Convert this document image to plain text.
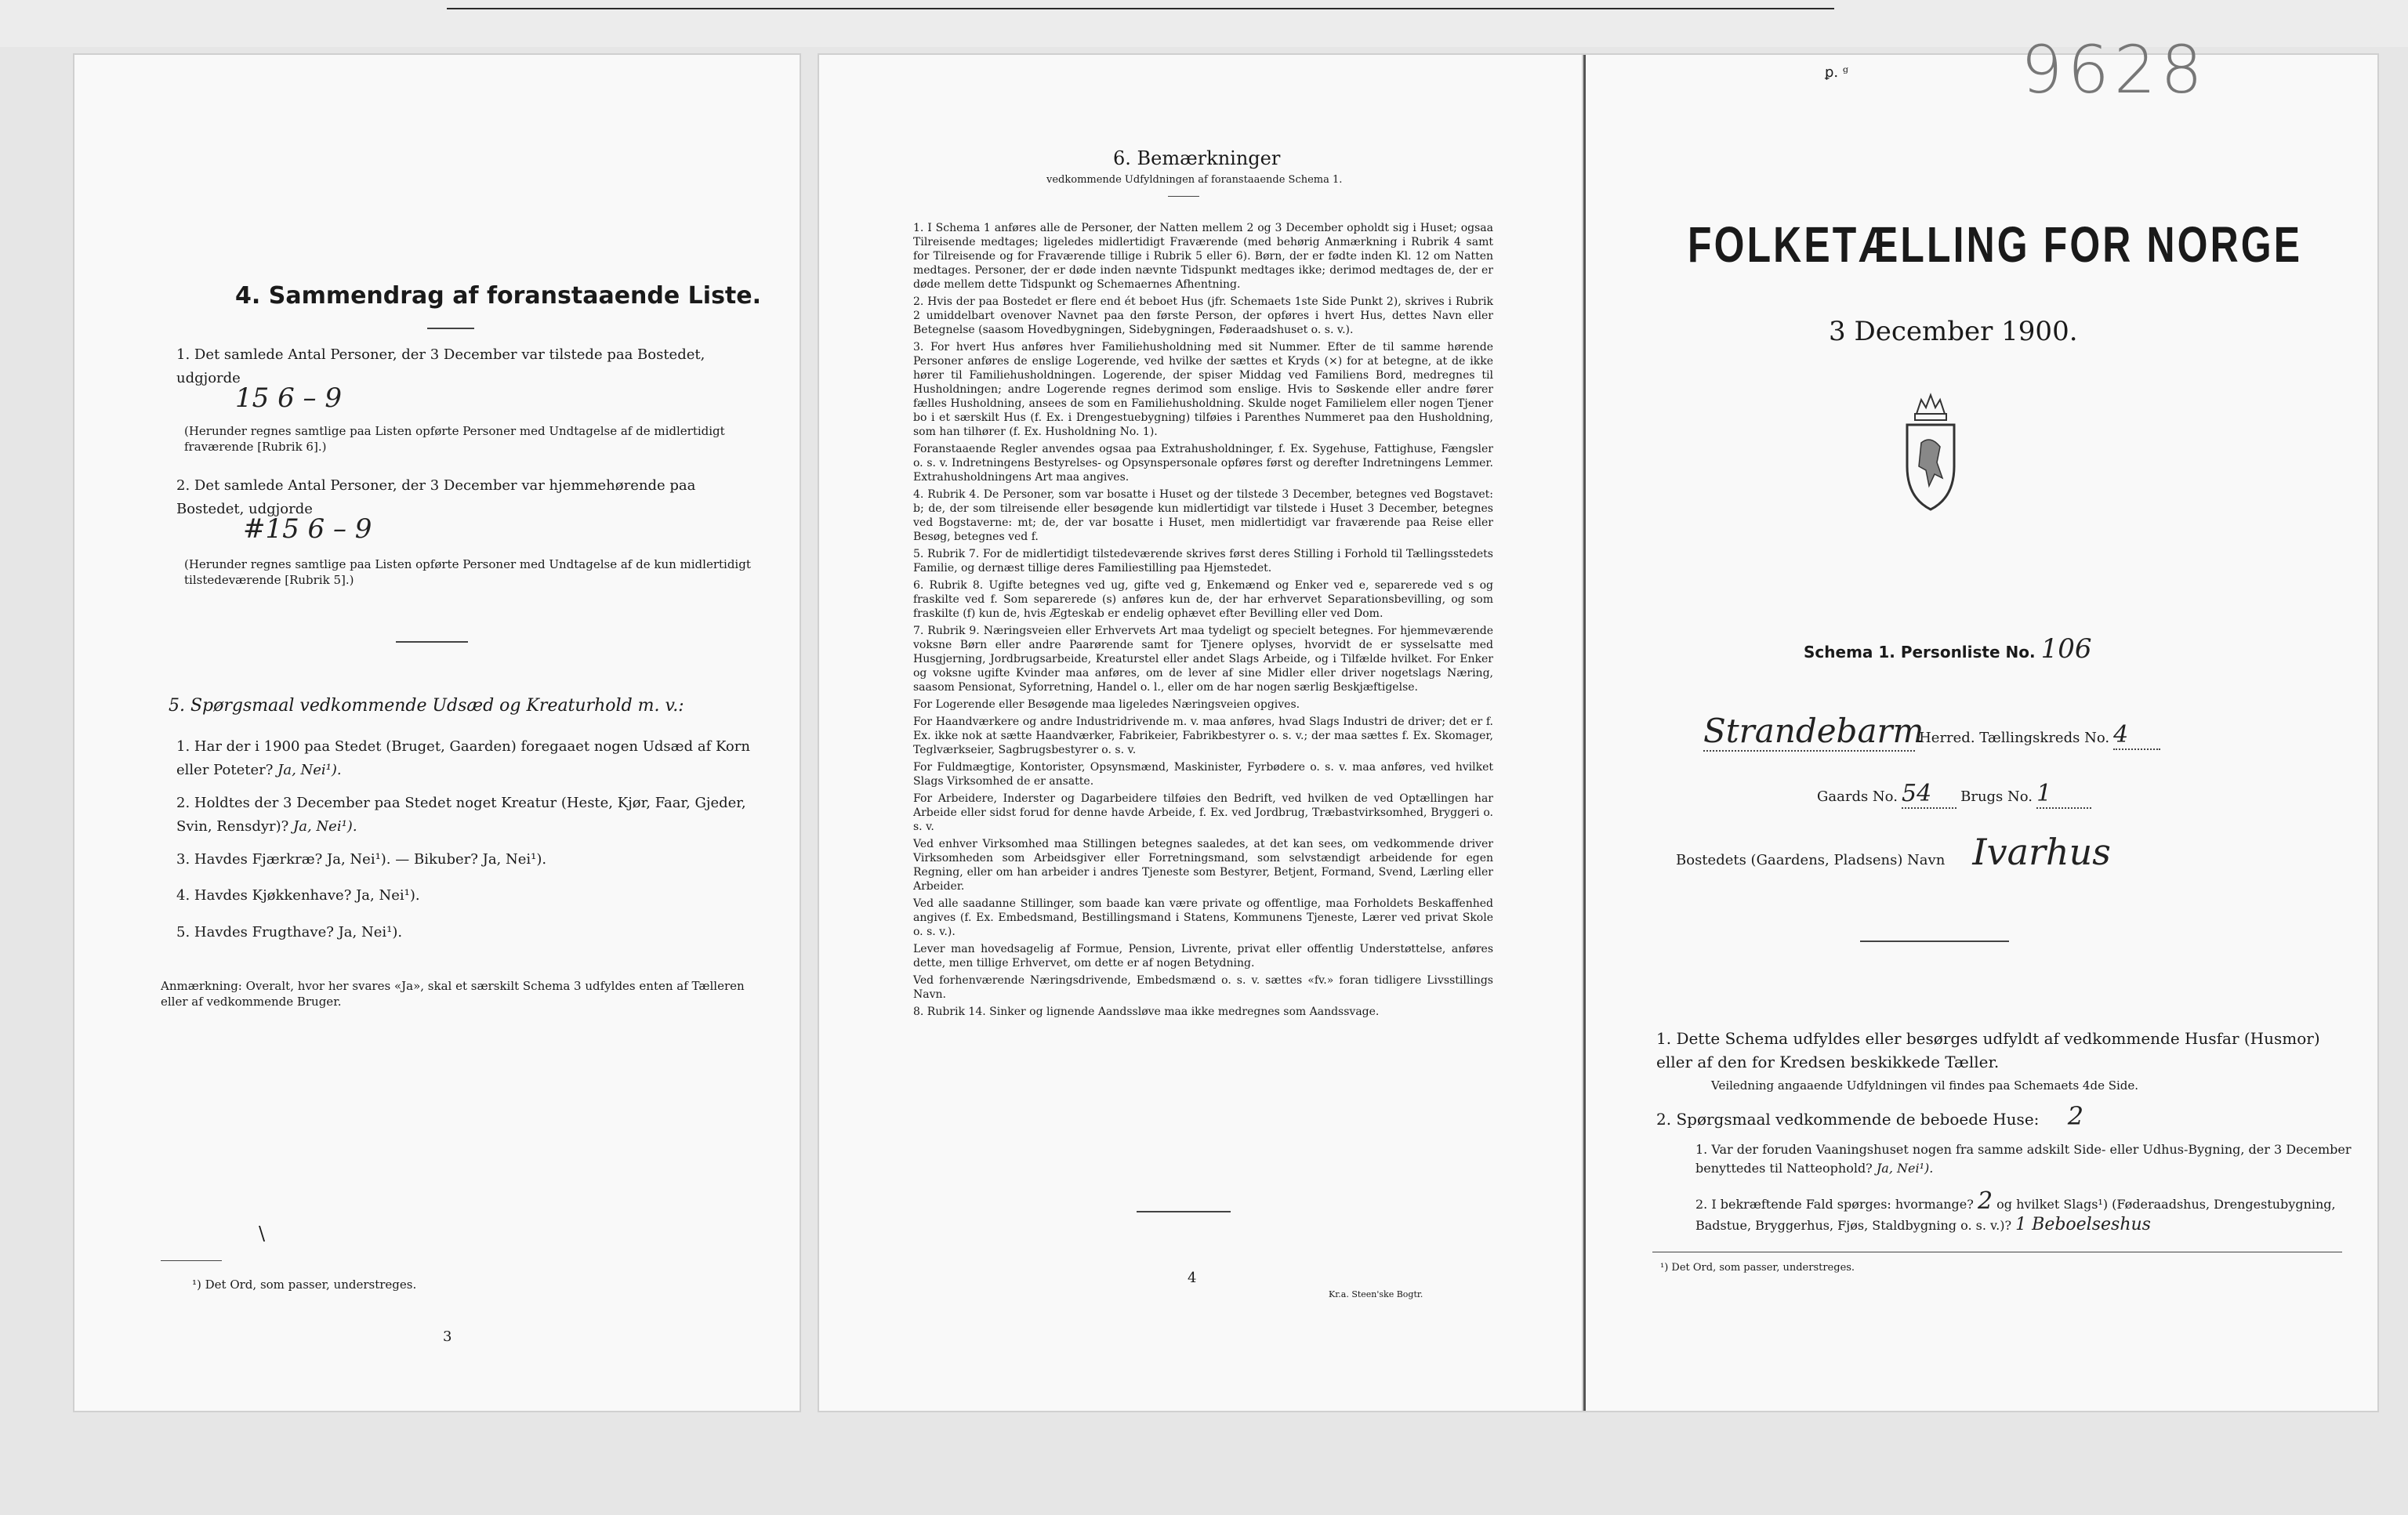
4. Sammendrag af foranstaaende Liste.
1. Det samlede Antal Personer, der 3 December var tilstede paa Bostedet, udgjorde
15 6 – 9
(Herunder regnes samtlige paa Listen opførte Personer med Undtagelse af de midlertidigt fraværende [Rubrik 6].)
2. Det samlede Antal Personer, der 3 December var hjemmehørende paa Bostedet, udgjorde
#15 6 – 9
(Herunder regnes samtlige paa Listen opførte Personer med Undtagelse af de kun midlertidigt tilstedeværende [Rubrik 5].)
5. Spørgsmaal vedkommende Udsæd og Kreaturhold m. v.:
1. Har der i 1900 paa Stedet (Bruget, Gaarden) foregaaet nogen Udsæd af Korn eller Poteter? Ja, Nei¹).
2. Holdtes der 3 December paa Stedet noget Kreatur (Heste, Kjør, Faar, Gjeder, Svin, Rensdyr)? Ja, Nei¹).
3. Havdes Fjærkræ? Ja, Nei¹). — Bikuber? Ja, Nei¹).
4. Havdes Kjøkkenhave? Ja, Nei¹).
5. Havdes Frugthave? Ja, Nei¹).
Anmærkning: Overalt, hvor her svares «Ja», skal et særskilt Schema 3 udfyldes enten af Tælleren eller af vedkommende Bruger.
\
¹) Det Ord, som passer, understreges.
3
6. Bemærkninger
vedkommende Udfyldningen af foranstaaende Schema 1.

1. I Schema 1 anføres alle de Personer, der Natten mellem 2 og 3 December opholdt sig i Huset; ogsaa Tilreisende medtages; ligeledes midlertidigt Fraværende (med behørig Anmærkning i Rubrik 4 samt for Tilreisende og for Fraværende tillige i Rubrik 5 eller 6). Børn, der er fødte inden Kl. 12 om Natten medtages. Personer, der er døde inden nævnte Tidspunkt medtages ikke; derimod medtages de, der er døde mellem dette Tidspunkt og Schemaernes Afhentning.

2. Hvis der paa Bostedet er flere end ét beboet Hus (jfr. Schemaets 1ste Side Punkt 2), skrives i Rubrik 2 umiddelbart ovenover Navnet paa den første Person, der opføres i hvert Hus, dettes Navn eller Betegnelse (saasom Hovedbygningen, Sidebygningen, Føderaadshuset o. s. v.).

3. For hvert Hus anføres hver Familiehusholdning med sit Nummer. Efter de til samme hørende Personer anføres de enslige Logerende, ved hvilke der sættes et Kryds (×) for at betegne, at de ikke hører til Familiehusholdningen. Logerende, der spiser Middag ved Familiens Bord, medregnes til Husholdningen; andre Logerende regnes derimod som enslige. Hvis to Søskende eller andre fører fælles Husholdning, ansees de som en Familiehusholdning. Skulde noget Familielem eller nogen Tjener bo i et særskilt Hus (f. Ex. i Drengestuebygning) tilføies i Parenthes Nummeret paa den Husholdning, som han tilhører (f. Ex. Husholdning No. 1).

Foranstaaende Regler anvendes ogsaa paa Extrahusholdninger, f. Ex. Sygehuse, Fattighuse, Fængsler o. s. v. Indretningens Bestyrelses- og Opsynspersonale opføres først og derefter Indretningens Lemmer. Extrahusholdningens Art maa angives.

4. Rubrik 4. De Personer, som var bosatte i Huset og der tilstede 3 December, betegnes ved Bogstavet: b; de, der som tilreisende eller besøgende kun midlertidigt var tilstede i Huset 3 December, betegnes ved Bogstaverne: mt; de, der var bosatte i Huset, men midlertidigt var fraværende paa Reise eller Besøg, betegnes ved f.

5. Rubrik 7. For de midlertidigt tilstedeværende skrives først deres Stilling i Forhold til Tællingsstedets Familie, og dernæst tillige deres Familiestilling paa Hjemstedet.

6. Rubrik 8. Ugifte betegnes ved ug, gifte ved g, Enkemænd og Enker ved e, separerede ved s og fraskilte ved f. Som separerede (s) anføres kun de, der har erhvervet Separationsbevilling, og som fraskilte (f) kun de, hvis Ægteskab er endelig ophævet efter Bevilling eller ved Dom.

7. Rubrik 9. Næringsveien eller Erhvervets Art maa tydeligt og specielt betegnes. For hjemmeværende voksne Børn eller andre Paarørende samt for Tjenere oplyses, hvorvidt de er sysselsatte med Husgjerning, Jordbrugsarbeide, Kreaturstel eller andet Slags Arbeide, og i Tilfælde hvilket. For Enker og voksne ugifte Kvinder maa anføres, om de lever af sine Midler eller driver nogetslags Næring, saasom Pensionat, Syforretning, Handel o. l., eller om de har nogen særlig Beskjæftigelse.

For Logerende eller Besøgende maa ligeledes Næringsveien opgives.

For Haandværkere og andre Industridrivende m. v. maa anføres, hvad Slags Industri de driver; det er f. Ex. ikke nok at sætte Haandværker, Fabrikeier, Fabrikbestyrer o. s. v.; der maa sættes f. Ex. Skomager, Teglværkseier, Sagbrugsbestyrer o. s. v.

For Fuldmægtige, Kontorister, Opsynsmænd, Maskinister, Fyrbødere o. s. v. maa anføres, ved hvilket Slags Virksomhed de er ansatte.

For Arbeidere, Inderster og Dagarbeidere tilføies den Bedrift, ved hvilken de ved Optællingen har Arbeide eller sidst forud for denne havde Arbeide, f. Ex. ved Jordbrug, Træbastvirksomhed, Bryggeri o. s. v.

Ved enhver Virksomhed maa Stillingen betegnes saaledes, at det kan sees, om vedkommende driver Virksomheden som Arbeidsgiver eller Forretningsmand, som selvstændigt arbeidende for egen Regning, eller om han arbeider i andres Tjeneste som Bestyrer, Betjent, Formand, Svend, Lærling eller Arbeider.

Ved alle saadanne Stillinger, som baade kan være private og offentlige, maa Forholdets Beskaffenhed angives (f. Ex. Embedsmand, Bestillingsmand i Statens, Kommunens Tjeneste, Lærer ved privat Skole o. s. v.).

Lever man hovedsagelig af Formue, Pension, Livrente, privat eller offentlig Understøttelse, anføres dette, men tillige Erhvervet, om dette er af nogen Betydning.

Ved forhenværende Næringsdrivende, Embedsmænd o. s. v. sættes «fv.» foran tidligere Livsstillings Navn.

8. Rubrik 14. Sinker og lignende Aandssløve maa ikke medregnes som Aandssvage.

4
Kr.a. Steen'ske Bogtr.
ꝑ. ᵍ	9628
FOLKETÆLLING FOR NORGE
3 December 1900.
Schema 1. Personliste No. 106
Strandebarm Herred. Tællingskreds No. 4
Gaards No. 54 Brugs No. 1
Bostedets (Gaardens, Pladsens) Navn Ivarhus
1. Dette Schema udfyldes eller besørges udfyldt af vedkommende Husfar (Husmor) eller af den for Kredsen beskikkede Tæller.
Veiledning angaaende Udfyldningen vil findes paa Schemaets 4de Side.
2. Spørgsmaal vedkommende de beboede Huse: 2
1. Var der foruden Vaaningshuset nogen fra samme adskilt Side- eller Udhus-Bygning, der 3 December benyttedes til Natteophold? Ja, Nei¹).
2. I bekræftende Fald spørges: hvormange? 2 og hvilket Slags¹) (Føderaadshus, Drengestubygning, Badstue, Bryggerhus, Fjøs, Staldbygning o. s. v.)? 1 Beboelseshus
¹) Det Ord, som passer, understreges.
